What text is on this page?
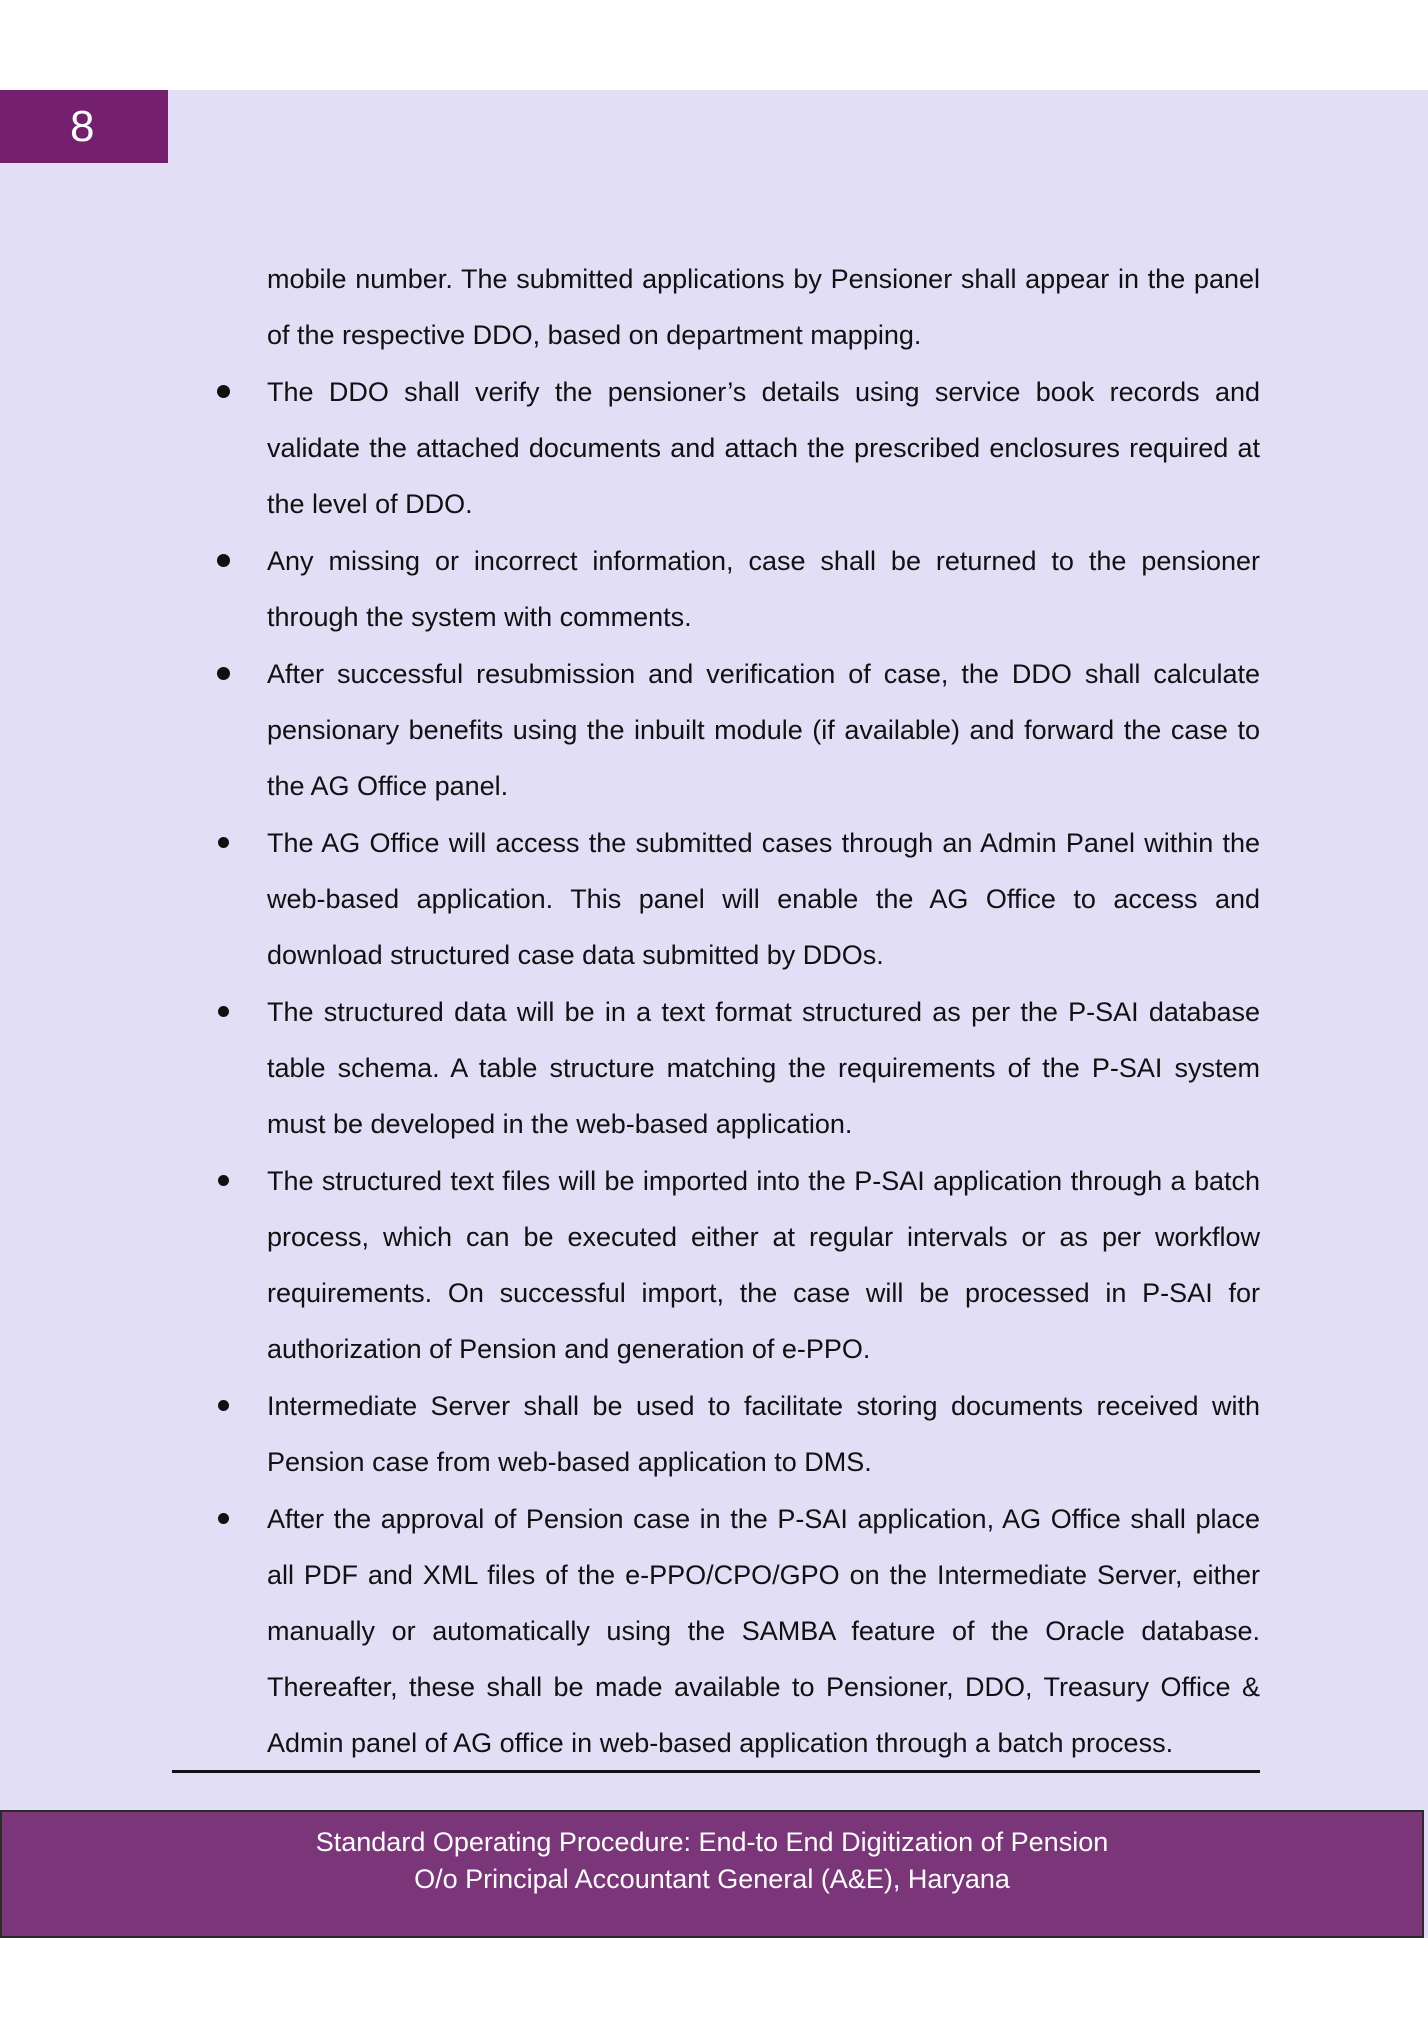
8

mobile number. The submitted applications by Pensioner shall appear in the panel of the respective DDO, based on department mapping.

The DDO shall verify the pensioner’s details using service book records and validate the attached documents and attach the prescribed enclosures required at the level of DDO.

Any missing or incorrect information, case shall be returned to the pensioner through the system with comments.

After successful resubmission and verification of case, the DDO shall calculate pensionary benefits using the inbuilt module (if available) and forward the case to the AG Office panel.

The AG Office will access the submitted cases through an Admin Panel within the web-based application. This panel will enable the AG Office to access and download structured case data submitted by DDOs.

The structured data will be in a text format structured as per the P-SAI database table schema. A table structure matching the requirements of the P-SAI system must be developed in the web-based application.

The structured text files will be imported into the P-SAI application through a batch process, which can be executed either at regular intervals or as per workflow requirements. On successful import, the case will be processed in P-SAI for authorization of Pension and generation of e-PPO.

Intermediate Server shall be used to facilitate storing documents received with Pension case from web-based application to DMS.

After the approval of Pension case in the P-SAI application, AG Office shall place all PDF and XML files of the e-PPO/CPO/GPO on the Intermediate Server, either manually or automatically using the SAMBA feature of the Oracle database. Thereafter, these shall be made available to Pensioner, DDO, Treasury Office & Admin panel of AG office in web-based application through a batch process.

Standard Operating Procedure: End-to End Digitization of Pension
O/o Principal Accountant General (A&E), Haryana
